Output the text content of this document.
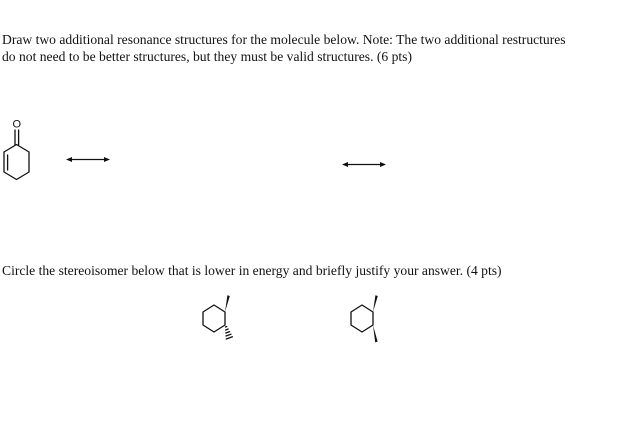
Draw two additional resonance structures for the molecule below. Note: The two additional restructures

do not need to be better structures, but they must be valid structures. (6 pts)

Circle the stereoisomer below that is lower in energy and briefly justify your answer. (4 pts)

O
